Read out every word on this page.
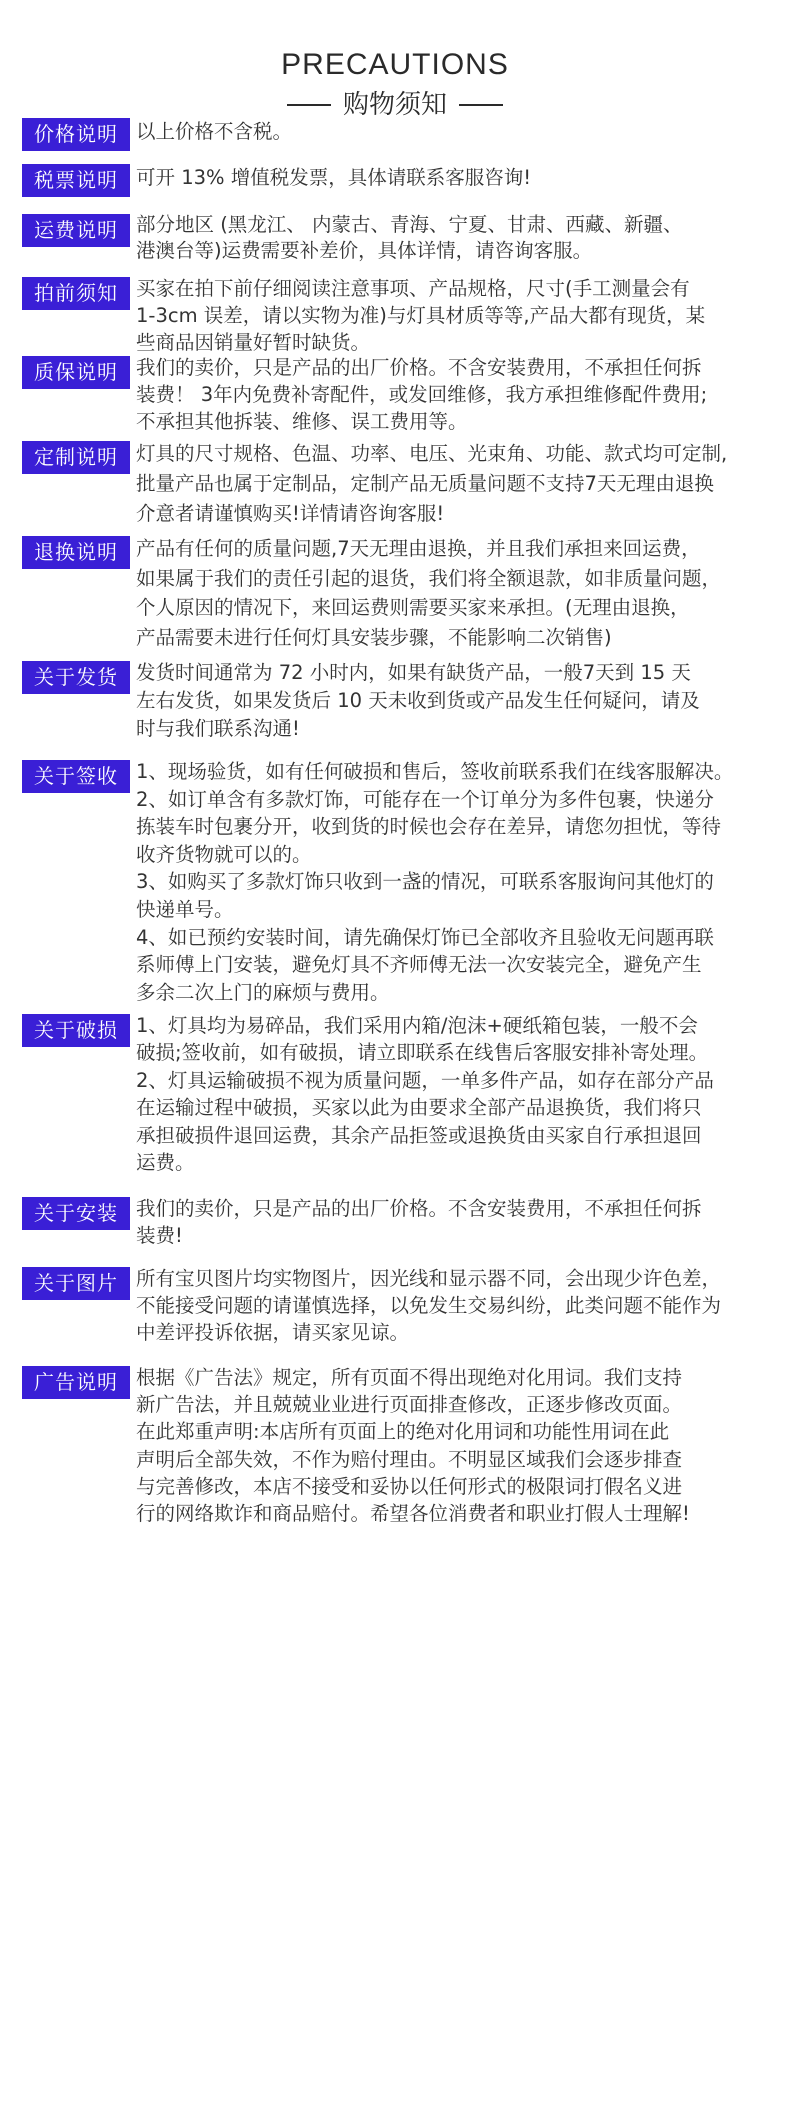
PRECAUTIONS
购物须知
价格说明 以上价格不含税。

税票说明 可开 13% 增值税发票，具体请联系客服咨询!

运费说明 部分地区 (黑龙江、 内蒙古、青海、宁夏、甘肃、西藏、新疆、

港澳台等)运费需要补差价，具体详情，请咨询客服。

拍前须知 买家在拍下前仔细阅读注意事项、产品规格，尺寸(手工测量会有

1-3cm 误差，请以实物为准)与灯具材质等等,产品大都有现货，某

些商品因销量好暂时缺货。

质保说明 我们的卖价，只是产品的出厂价格。不含安装费用，不承担任何拆

装费！ 3年内免费补寄配件，或发回维修，我方承担维修配件费用;

不承担其他拆装、维修、误工费用等。

定制说明 灯具的尺寸规格、色温、功率、电压、光束角、功能、款式均可定制,

批量产品也属于定制品，定制产品无质量问题不支持7天无理由退换

介意者请谨慎购买!详情请咨询客服!

退换说明 产品有任何的质量问题,7天无理由退换，并且我们承担来回运费，

如果属于我们的责任引起的退货，我们将全额退款，如非质量问题，

个人原因的情况下，来回运费则需要买家来承担。(无理由退换，

产品需要未进行任何灯具安装步骤，不能影响二次销售)

关于发货 发货时间通常为 72 小时内，如果有缺货产品，一般7天到 15 天

左右发货，如果发货后 10 天未收到货或产品发生任何疑问，请及

时与我们联系沟通!

关于签收 1、现场验货，如有任何破损和售后，签收前联系我们在线客服解决。

2、如订单含有多款灯饰，可能存在一个订单分为多件包裹，快递分

拣装车时包裹分开，收到货的时候也会存在差异，请您勿担忧，等待

收齐货物就可以的。

3、如购买了多款灯饰只收到一盏的情况，可联系客服询问其他灯的

快递单号。

4、如已预约安装时间，请先确保灯饰已全部收齐且验收无问题再联

系师傅上门安装，避免灯具不齐师傅无法一次安装完全，避免产生

多余二次上门的麻烦与费用。

关于破损 1、灯具均为易碎品，我们采用内箱/泡沫+硬纸箱包装，一般不会

破损;签收前，如有破损，请立即联系在线售后客服安排补寄处理。

2、灯具运输破损不视为质量问题，一单多件产品，如存在部分产品

在运输过程中破损，买家以此为由要求全部产品退换货，我们将只

承担破损件退回运费，其余产品拒签或退换货由买家自行承担退回

运费。

关于安装 我们的卖价，只是产品的出厂价格。不含安装费用，不承担任何拆

装费!

关于图片 所有宝贝图片均实物图片，因光线和显示器不同，会出现少许色差，

不能接受问题的请谨慎选择，以免发生交易纠纷，此类问题不能作为

中差评投诉依据，请买家见谅。

广告说明 根据《广告法》规定，所有页面不得出现绝对化用词。我们支持

新广告法，并且兢兢业业进行页面排查修改，正逐步修改页面。

在此郑重声明:本店所有页面上的绝对化用词和功能性用词在此

声明后全部失效，不作为赔付理由。不明显区域我们会逐步排查

与完善修改，本店不接受和妥协以任何形式的极限词打假名义进

行的网络欺诈和商品赔付。希望各位消费者和职业打假人士理解!
